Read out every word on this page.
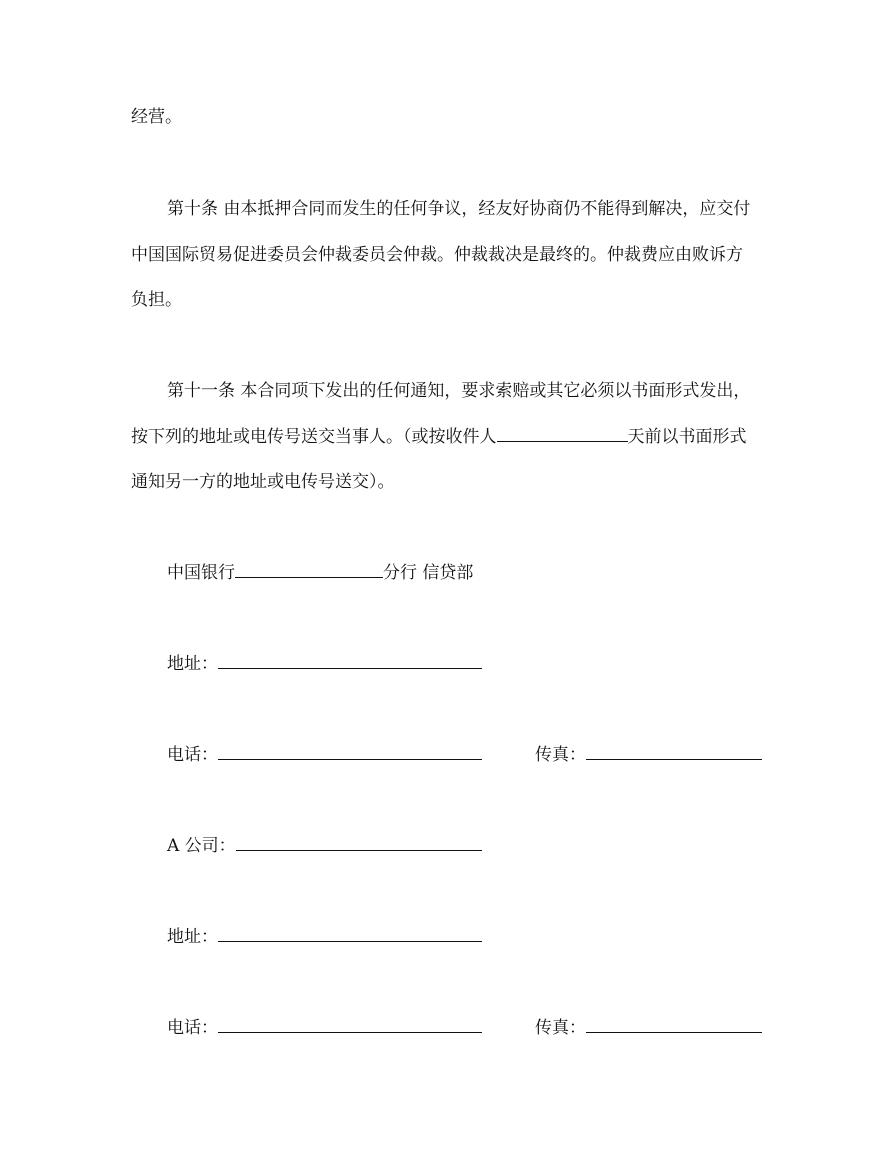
经营。
第十条 由本抵押合同而发生的任何争议，经友好协商仍不能得到解决，应交付
中国国际贸易促进委员会仲裁委员会仲裁。仲裁裁决是最终的。仲裁费应由败诉方
负担。
第十一条 本合同项下发出的任何通知，要求索赔或其它必须以书面形式发出，
按下列的地址或电传号送交当事人。（或按收件人	天前以书面形式
通知另一方的地址或电传号送交）。
中国银行	分行 信贷部
地址：
电话：	传真：
A 公司：
地址：
电话：	传真：
